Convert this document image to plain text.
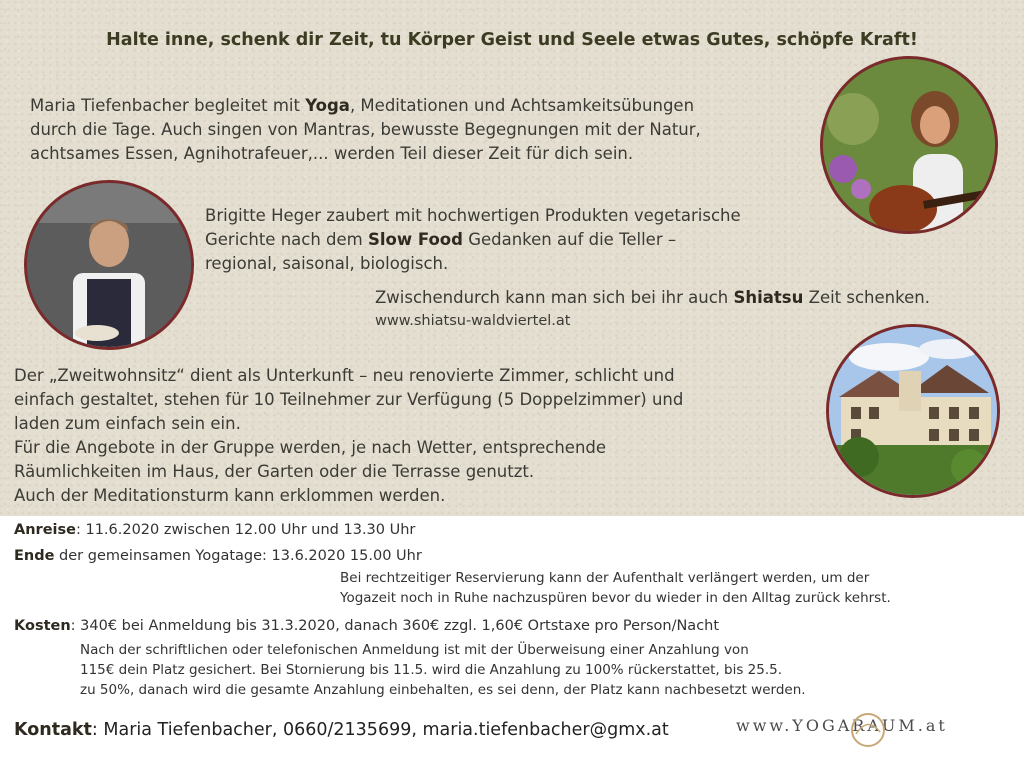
Halte inne, schenk dir Zeit, tu Körper Geist und Seele etwas Gutes, schöpfe Kraft!
Maria Tiefenbacher begleitet mit Yoga, Meditationen und Achtsamkeitsübungen
durch die Tage. Auch singen von Mantras, bewusste Begegnungen mit der Natur,
achtsames Essen, Agnihotrafeuer,... werden Teil dieser Zeit für dich sein.
Brigitte Heger zaubert mit hochwertigen Produkten vegetarische
Gerichte nach dem Slow Food Gedanken auf die Teller –
regional, saisonal, biologisch.
Zwischendurch kann man sich bei ihr auch Shiatsu Zeit schenken.
www.shiatsu-waldviertel.at
Der „Zweitwohnsitz“ dient als Unterkunft – neu renovierte Zimmer, schlicht und
einfach gestaltet, stehen für 10 Teilnehmer zur Verfügung (5 Doppelzimmer) und
laden zum einfach sein ein.
Für die Angebote in der Gruppe werden, je nach Wetter, entsprechende
Räumlichkeiten im Haus, der Garten oder die Terrasse genutzt.
Auch der Meditationsturm kann erklommen werden.
Anreise: 11.6.2020 zwischen 12.00 Uhr und 13.30 Uhr
Ende der gemeinsamen Yogatage: 13.6.2020 15.00 Uhr
Bei rechtzeitiger Reservierung kann der Aufenthalt verlängert werden, um der
Yogazeit noch in Ruhe nachzuspüren bevor du wieder in den Alltag zurück kehrst.
Kosten: 340€ bei Anmeldung bis 31.3.2020, danach 360€ zzgl. 1,60€ Ortstaxe pro Person/Nacht
Nach der schriftlichen oder telefonischen Anmeldung ist mit der Überweisung einer Anzahlung von
115€ dein Platz gesichert. Bei Stornierung bis 11.5. wird die Anzahlung zu 100% rückerstattet, bis 25.5.
zu 50%, danach wird die gesamte Anzahlung einbehalten, es sei denn, der Platz kann nachbesetzt werden.
Kontakt: Maria Tiefenbacher, 0660/2135699, maria.tiefenbacher@gmx.at	www.YOGARAUM.at
